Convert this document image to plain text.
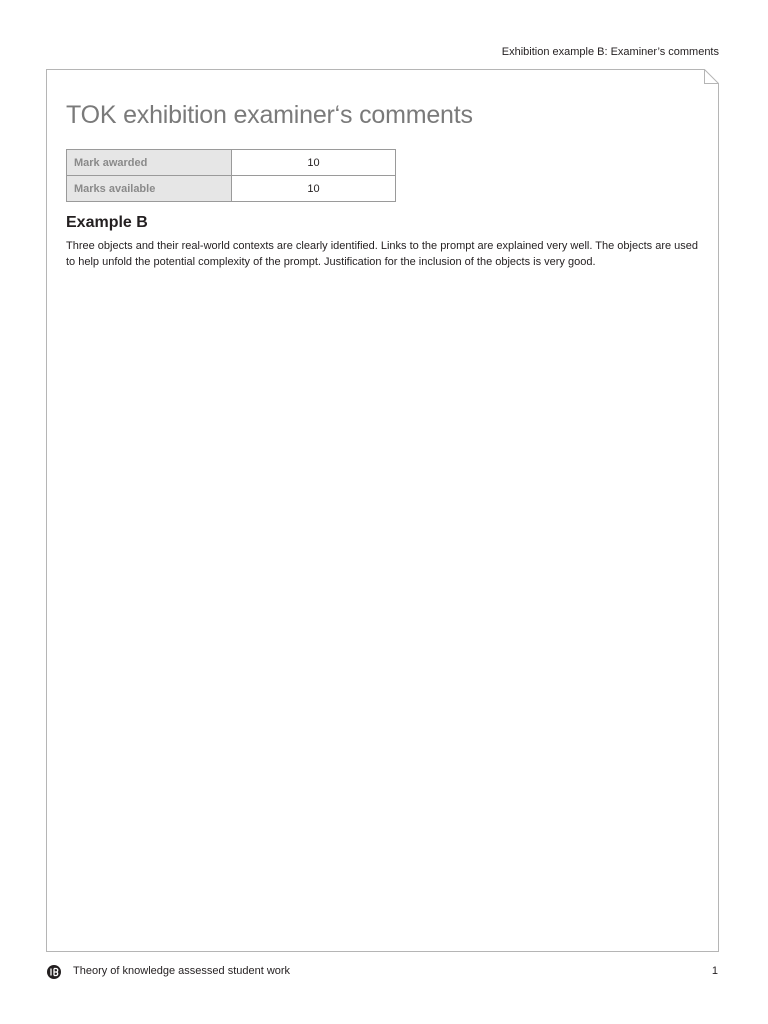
Exhibition example B: Examiner’s comments
TOK exhibition examiner‘s comments
Mark awarded	10
Marks available	10
Example B

Three objects and their real-world contexts are clearly identified. Links to the prompt are explained very well. The objects are used to help unfold the potential complexity of the prompt. Justification for the inclusion of the objects is very good.

Theory of knowledge assessed student work	1
